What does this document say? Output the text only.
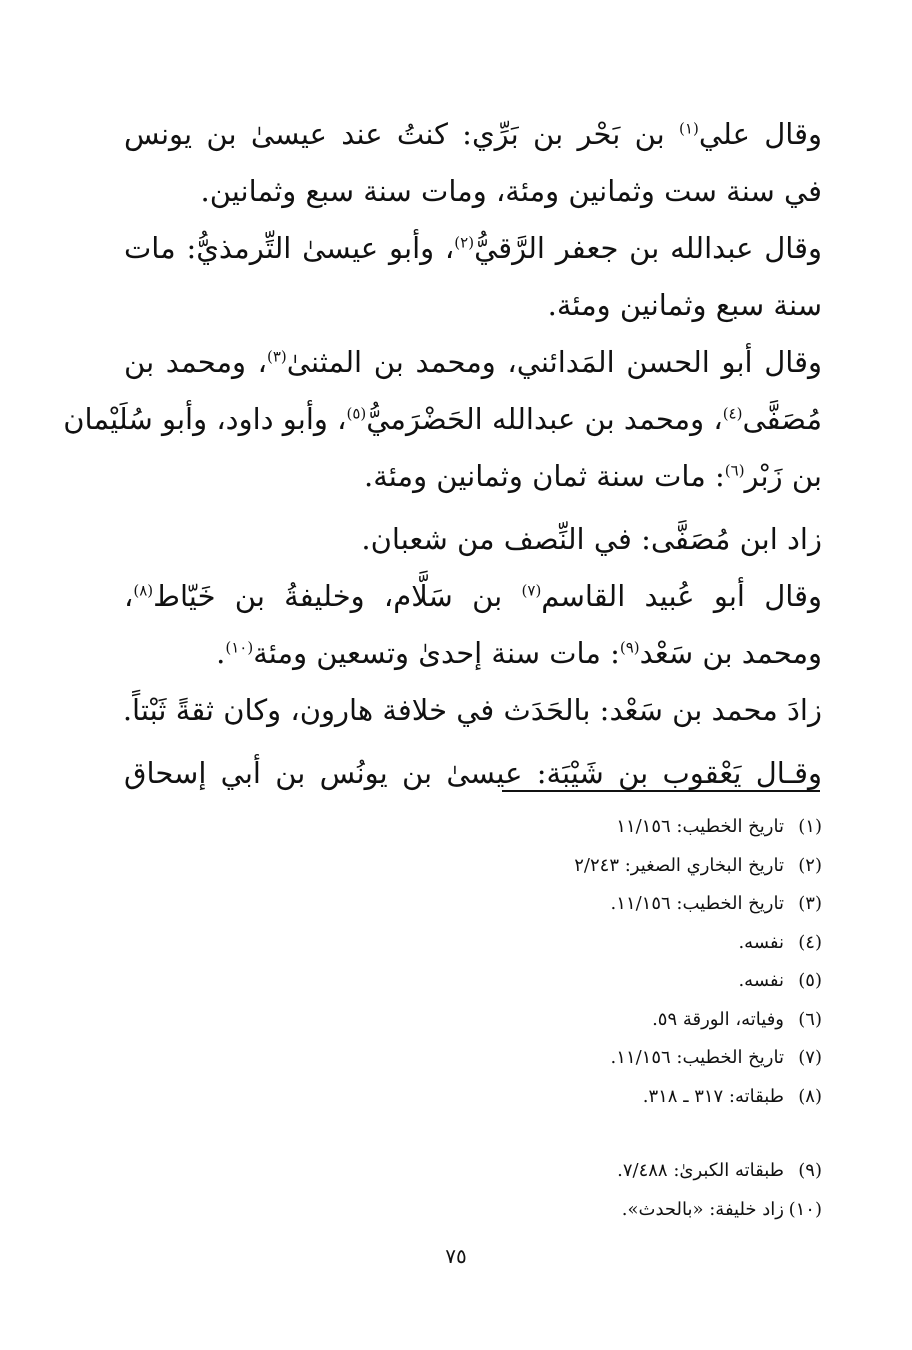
وقال علي$^{(١)}$ بن بَحْر بن بَرِّي: كنتُ عند عيسىٰ بن يونس
في سنة ست وثمانين ومئة، ومات سنة سبع وثمانين.
وقال عبدالله بن جعفر الرَّقيُّ$^{(٢)}$، وأبو عيسىٰ التِّرمذيُّ: مات
سنة سبع وثمانين ومئة.
وقال أبو الحسن المَدائني، ومحمد بن المثنىٰ$^{(٣)}$، ومحمد بن
مُصَفَّى$^{(٤)}$، ومحمد بن عبدالله الحَضْرَميُّ$^{(٥)}$، وأبو داود، وأبو سُلَيْمان
بن زَبْر$^{(٦)}$: مات سنة ثمان وثمانين ومئة.
زاد ابن مُصَفَّى: في النِّصف من شعبان.
وقال أبو عُبيد القاسم$^{(٧)}$ بن سَلَّام، وخليفةُ بن خَيّاط$^{(٨)}$،
ومحمد بن سَعْد$^{(٩)}$: مات سنة إحدىٰ وتسعين ومئة$^{(١٠)}$.
زادَ محمد بن سَعْد: بالحَدَث في خلافة هارون، وكان ثقةً ثَبْتاً.
وقـال يَعْقوب بن شَيْبَة: عيسىٰ بن يونُس بن أبي إسحاق
(١)تاريخ الخطيب: ١١/١٥٦
(٢)تاريخ البخاري الصغير: ٢/٢٤٣
(٣)تاريخ الخطيب: ١١/١٥٦.
(٤)نفسه.
(٥)نفسه.
(٦)وفياته، الورقة ٥٩.
(٧)تاريخ الخطيب: ١١/١٥٦.
(٨)طبقاته: ٣١٧ ـ ٣١٨.
(٩)طبقاته الكبرىٰ: ٧/٤٨٨.
(١٠)زاد خليفة: «بالحدث».
٧٥
